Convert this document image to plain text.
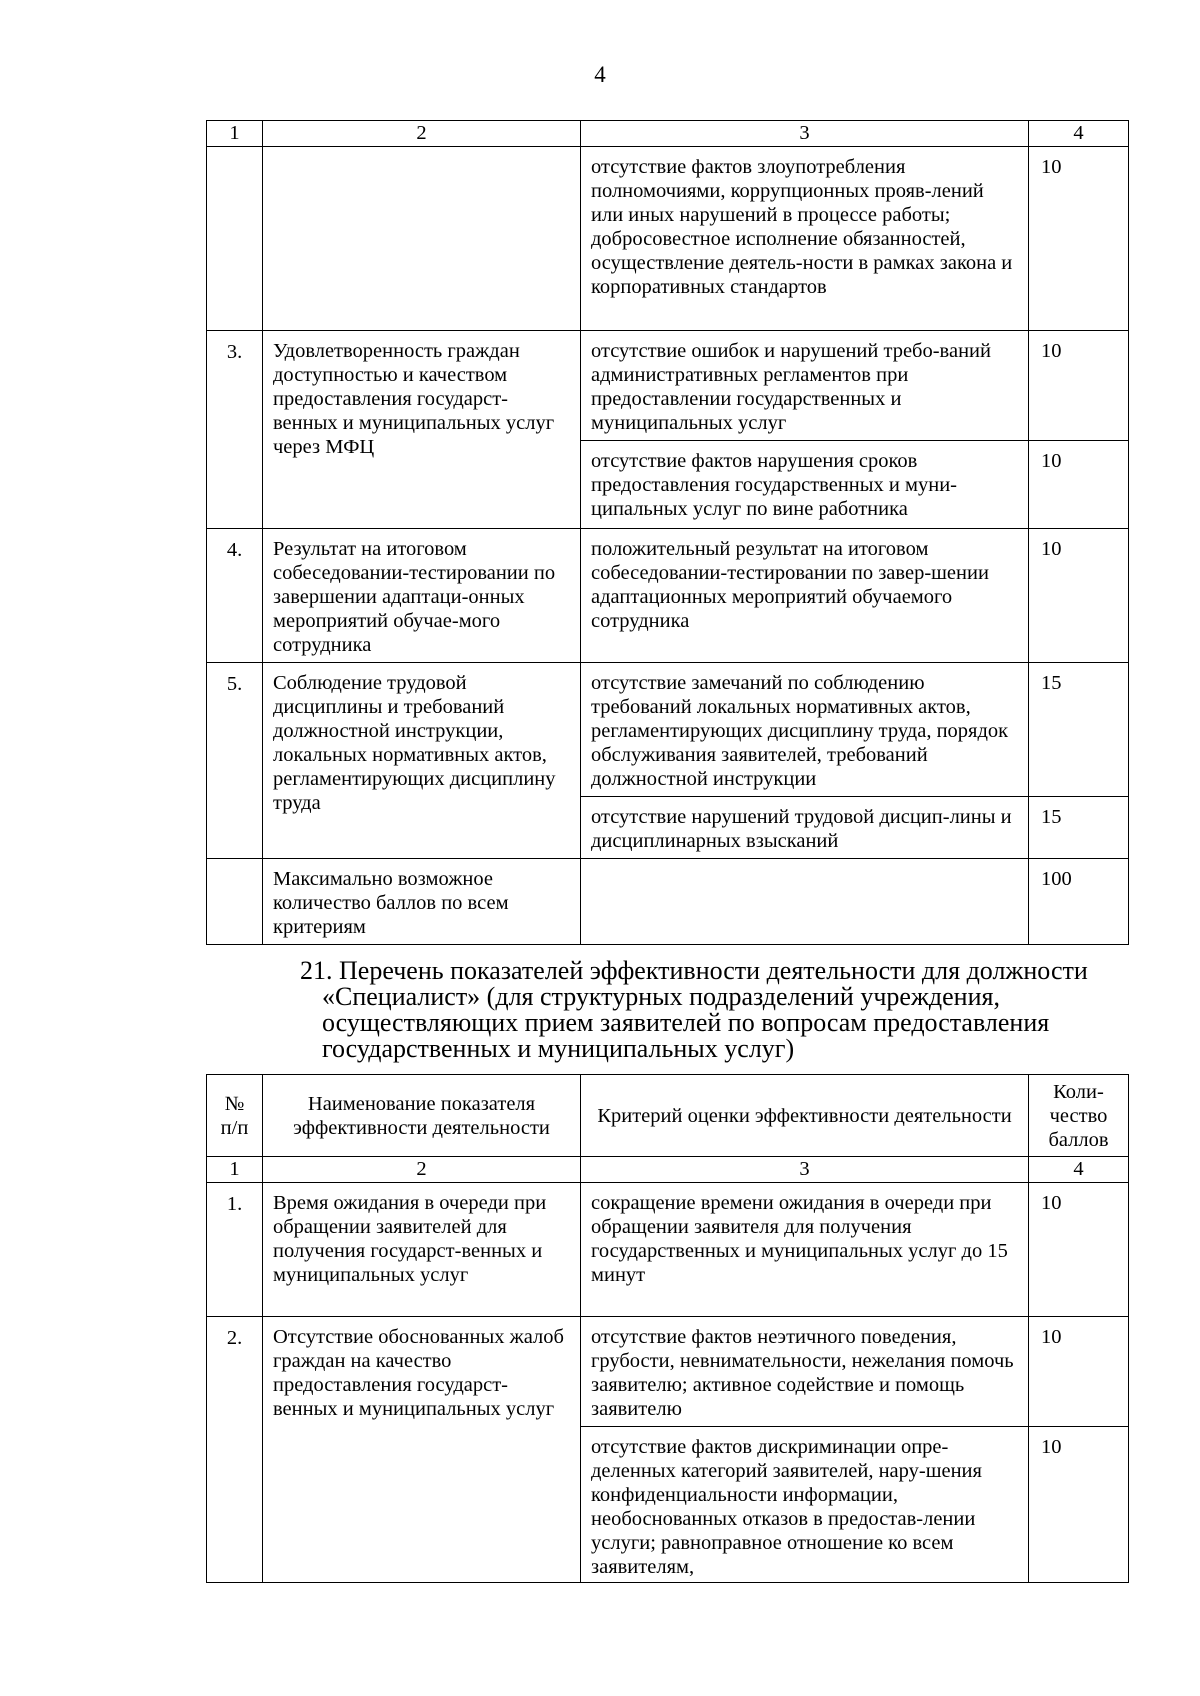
4
1	2	3	4
		отсутствие фактов злоупотребления полномочиями, коррупционных прояв-лений или иных нарушений в процессе работы; добросовестное исполнение обязанностей, осуществление деятель-ности в рамках закона и корпоративных стандартов	10
3.	Удовлетворенность граждан доступностью и качеством предоставления государст-венных и муниципальных услуг через МФЦ	отсутствие ошибок и нарушений требо-ваний административных регламентов при предоставлении государственных и муниципальных услуг	10
		отсутствие фактов нарушения сроков предоставления государственных и муни-ципальных услуг по вине работника	10
4.	Результат на итоговом собеседовании-тестировании по завершении адаптаци-онных мероприятий обучае-мого сотрудника	положительный результат на итоговом собеседовании-тестировании по завер-шении адаптационных мероприятий обучаемого сотрудника	10
5.	Соблюдение трудовой дисциплины и требований должностной инструкции, локальных нормативных актов, регламентирующих дисциплину труда	отсутствие замечаний по соблюдению требований локальных нормативных актов, регламентирующих дисциплину труда, порядок обслуживания заявителей, требований должностной инструкции	15
		отсутствие нарушений трудовой дисцип-лины и дисциплинарных взысканий	15
	Максимально возможное количество баллов по всем критериям		100
21. Перечень показателей эффективности деятельности для должности «Специалист» (для структурных подразделений учреждения, осуществляющих прием заявителей по вопросам предоставления государственных и муниципальных услуг)
№ п/п	Наименование показателя эффективности деятельности	Критерий оценки эффективности деятельности	Коли-чество баллов
1	2	3	4
1.	Время ожидания в очереди при обращении заявителей для получения государст-венных и муниципальных услуг	сокращение времени ожидания в очереди при обращении заявителя для получения государственных и муниципальных услуг до 15 минут	10
2.	Отсутствие обоснованных жалоб граждан на качество предоставления государст-венных и муниципальных услуг	отсутствие фактов неэтичного поведения, грубости, невнимательности, нежелания помочь заявителю; активное содействие и помощь заявителю	10
		отсутствие фактов дискриминации опре-деленных категорий заявителей, нару-шения конфиденциальности информации, необоснованных отказов в предостав-лении услуги; равноправное отношение ко всем заявителям,	10
